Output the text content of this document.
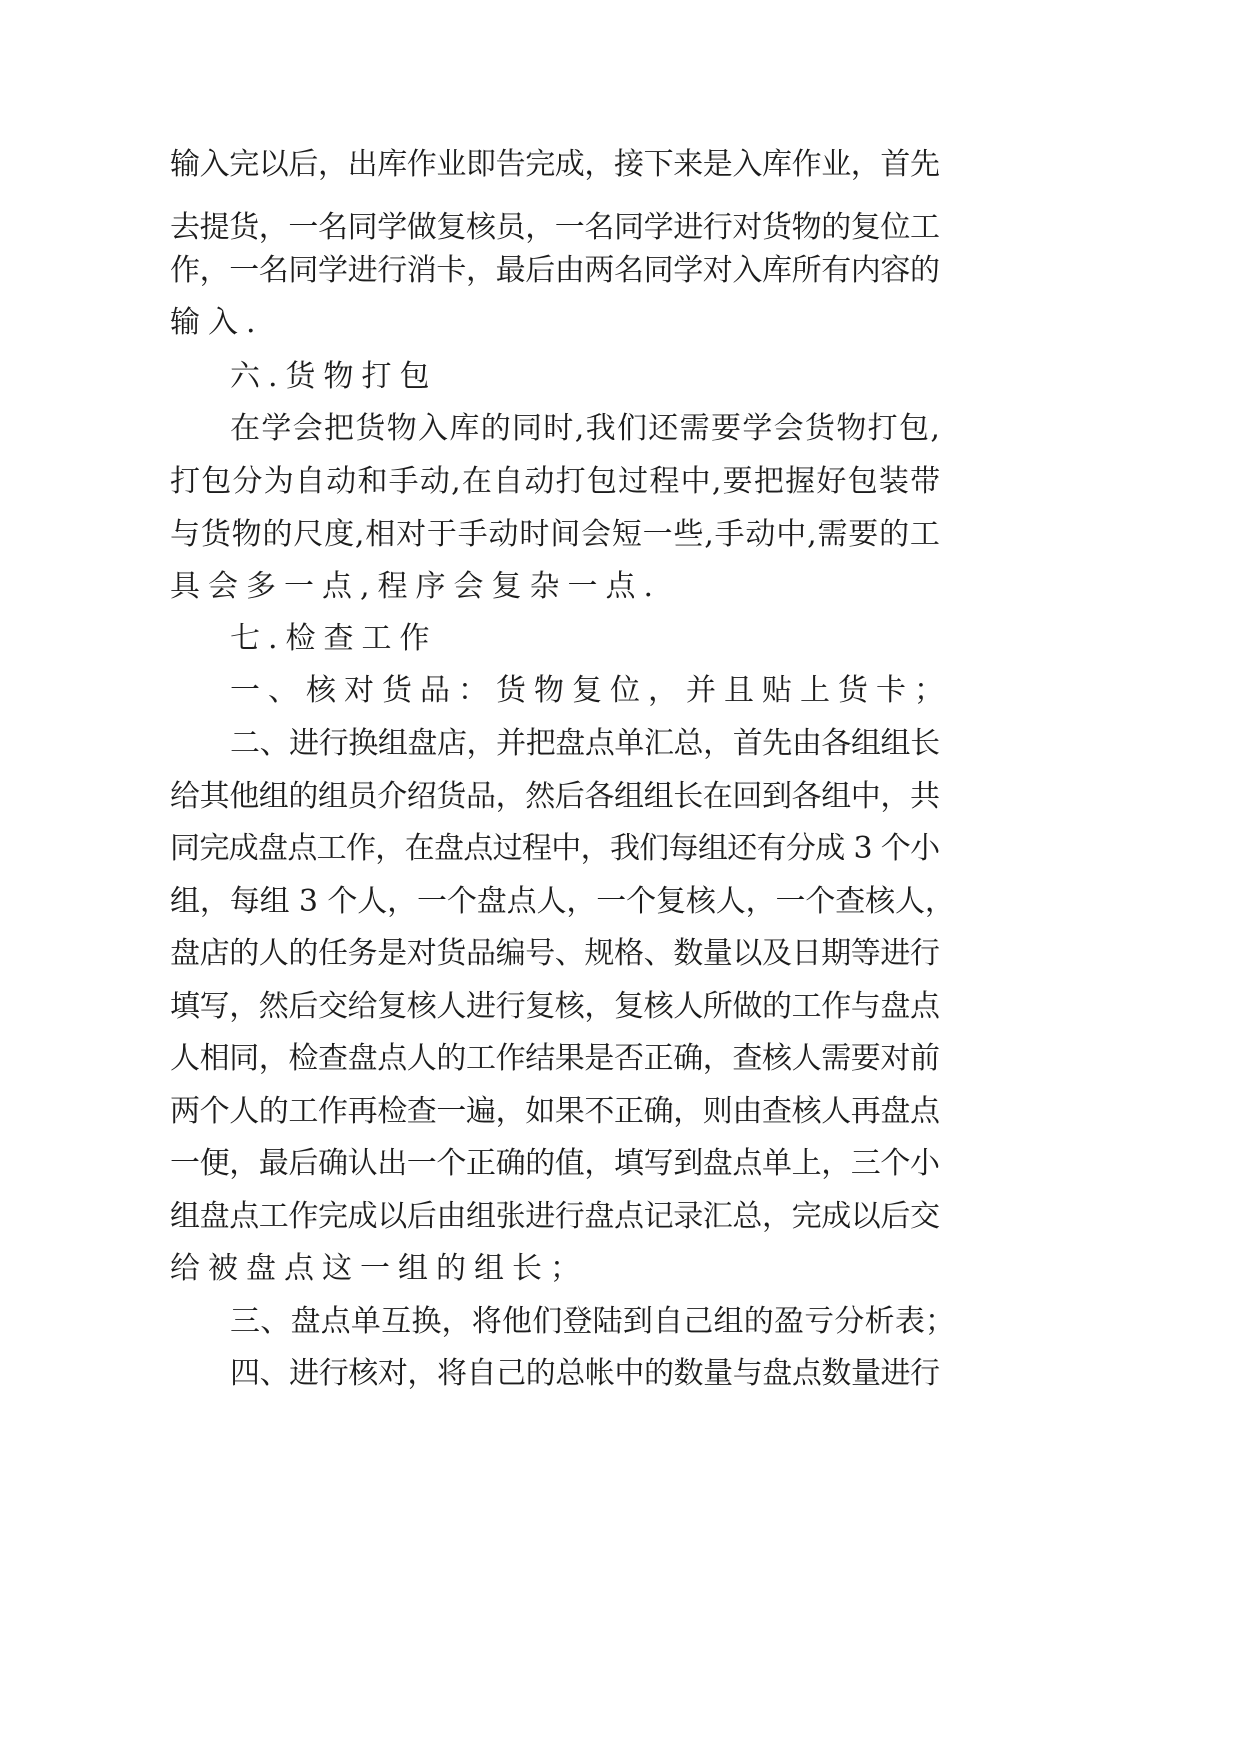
输入完以后，出库作业即告完成，接下来是入库作业，首先
去提货，一名同学做复核员，一名同学进行对货物的复位工
作，一名同学进行消卡，最后由两名同学对入库所有内容的
输入.
六.货物打包
在学会把货物入库的同时,我们还需要学会货物打包,
打包分为自动和手动,在自动打包过程中,要把握好包装带
与货物的尺度,相对于手动时间会短一些,手动中,需要的工
具会多一点,程序会复杂一点.
七.检查工作
一、核对货品：货物复位，并且贴上货卡；
二、进行换组盘店，并把盘点单汇总，首先由各组组长
给其他组的组员介绍货品，然后各组组长在回到各组中，共
同完成盘点工作，在盘点过程中，我们每组还有分成 3 个小
组，每组 3 个人，一个盘点人，一个复核人，一个查核人，
盘店的人的任务是对货品编号、规格、数量以及日期等进行
填写，然后交给复核人进行复核，复核人所做的工作与盘点
人相同，检查盘点人的工作结果是否正确，查核人需要对前
两个人的工作再检查一遍，如果不正确，则由查核人再盘点
一便，最后确认出一个正确的值，填写到盘点单上，三个小
组盘点工作完成以后由组张进行盘点记录汇总，完成以后交
给被盘点这一组的组长；
三、盘点单互换，将他们登陆到自己组的盈亏分析表；
四、进行核对，将自己的总帐中的数量与盘点数量进行
